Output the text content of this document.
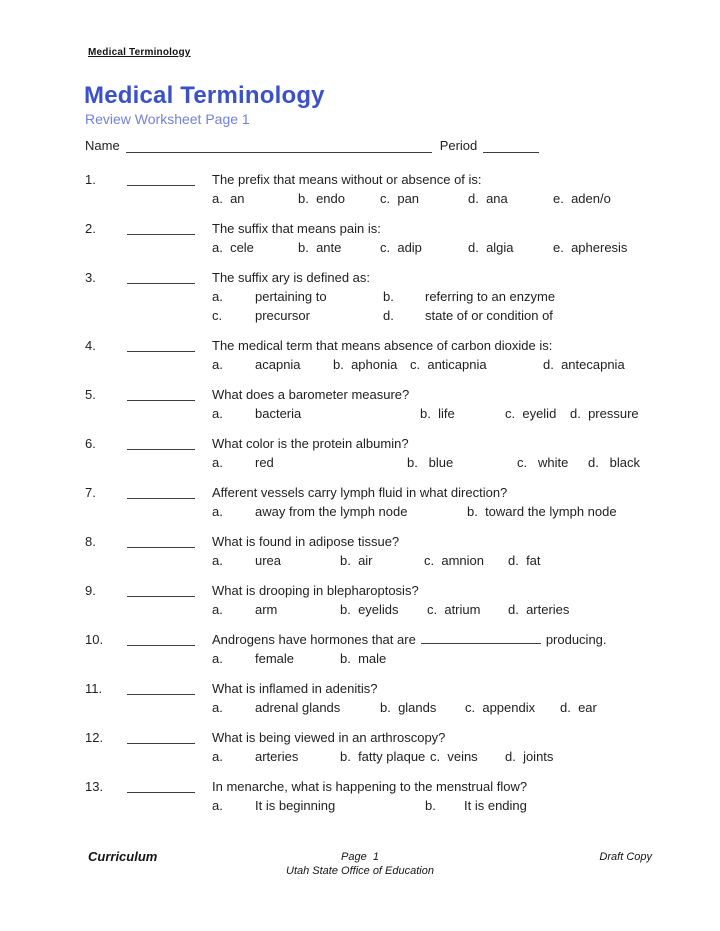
Medical Terminology
Medical Terminology
Review Worksheet Page 1
Name	Period
1.	The prefix that means without or absence of is:
a.  an	b.  endo	c.  pan	d.  ana	e.  aden/o
2.	The suffix that means pain is:
a.  cele	b.  ante	c.  adip	d.  algia	e.  apheresis
3.	The suffix ary is defined as:
a. pertaining to	b. referring to an enzyme
c.	precursor	d. state of or condition of
4.	The medical term that means absence of carbon dioxide is:
a. acapnia b.  aphonia c.  anticapnia	d.  antecapnia
5.	What does a barometer measure?
a. bacteria	b.  life	c.  eyelid d.  pressure
6.	What color is the protein albumin?
a. red	b.   blue	c.   white d.   black
7.	Afferent vessels carry lymph fluid in what direction?
a. away from the lymph node	b.  toward the lymph node
8.	What is found in adipose tissue?
a. urea	b.  air	c.  amnion d.  fat
9.	What is drooping in blepharoptosis?
a. arm	b.  eyelids c.  atrium d.  arteries
10.	Androgens have hormones that are	producing.
a. female	b.  male
11.	What is inflamed in adenitis?
a. adrenal glands	b.  glands c.  appendix d.  ear
12.	What is being viewed in an arthroscopy?
a. arteries	b.  fatty plaque c.  veins d.  joints
13.	In menarche, what is happening to the menstrual flow?
a. It is beginning	b. It is ending
Curriculum	Page  1
Utah State Office of Education
Draft Copy
